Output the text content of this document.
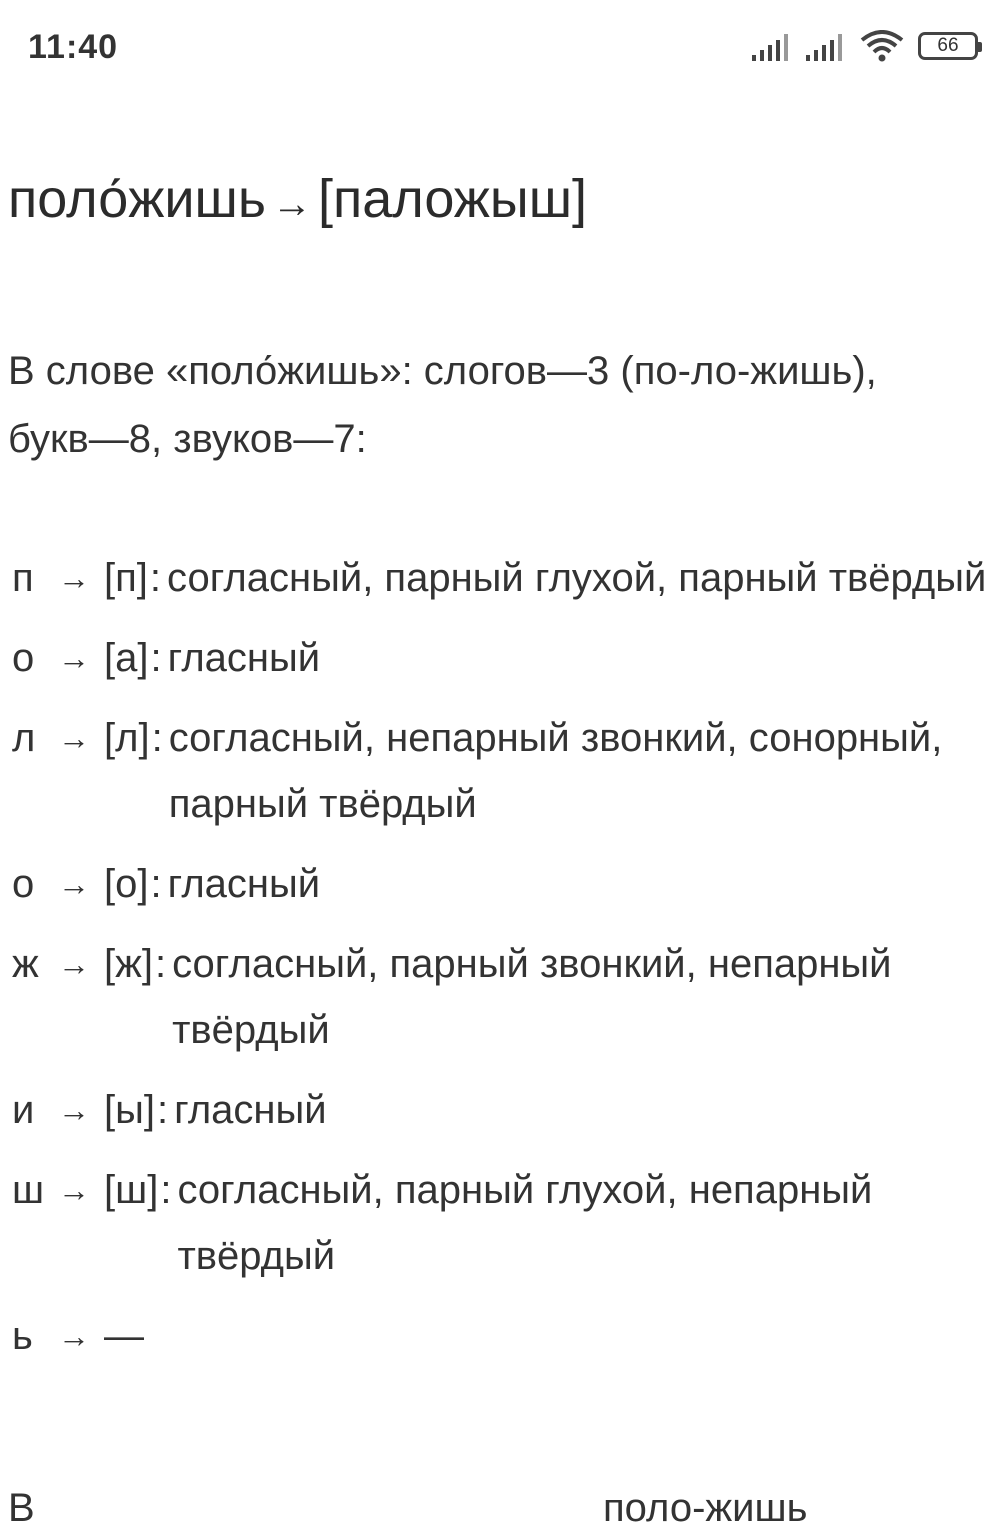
11:40	66
поло́жишь → [паложыш]
В слове «поло́жишь»: слогов—3 (по-ло-жишь),
букв—8, звуков—7:
п → [п] : согласный, парный глухой, парный твёрдый
о → [а] : гласный
л → [л] : согласный, непарный звонкий, сонорный, парный твёрдый
о → [о] : гласный
ж → [ж] : согласный, парный звонкий, непарный твёрдый
и → [ы] : гласный
ш → [ш] : согласный, парный глухой, непарный твёрдый
ь → —
В	поло-жишь
